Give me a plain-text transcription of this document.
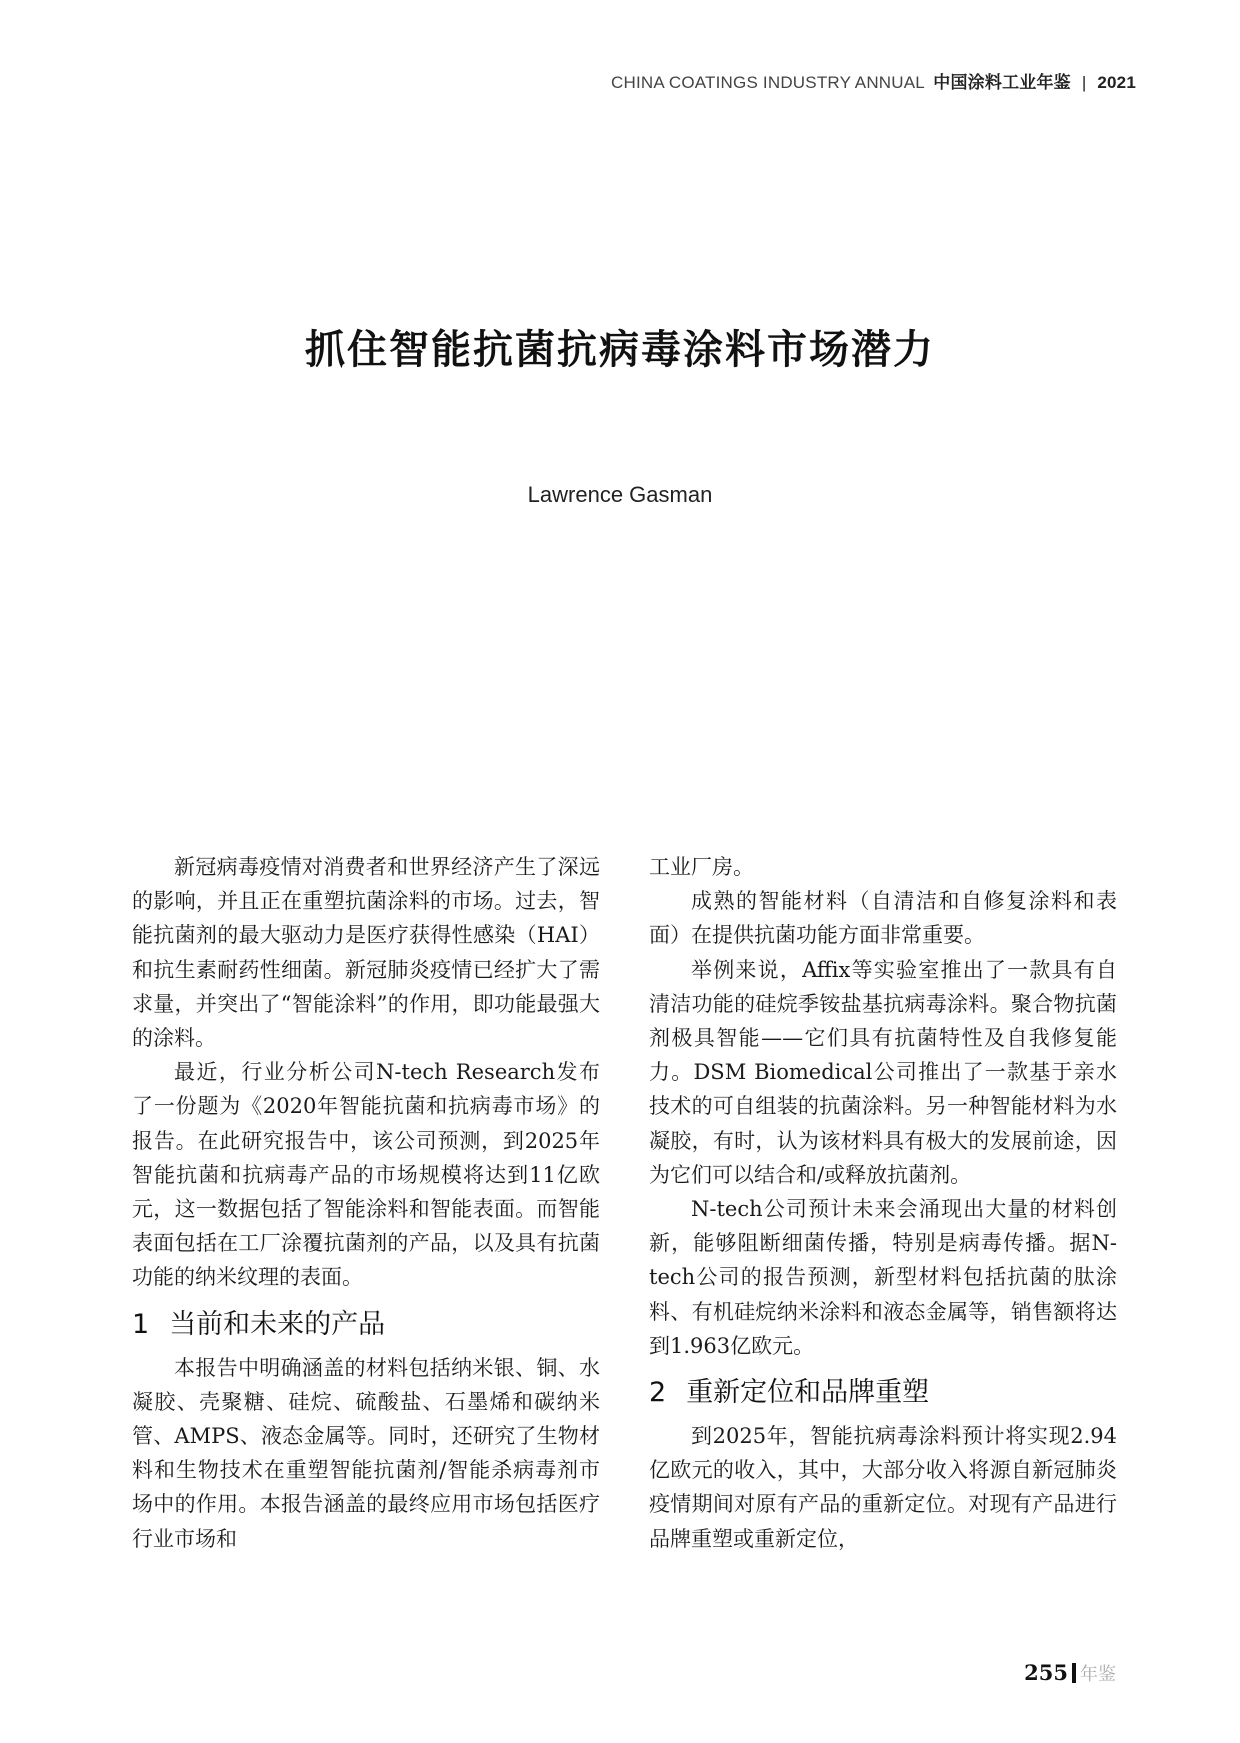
CHINA COATINGS INDUSTRY ANNUAL 中国涂料工业年鉴 | 2021
抓住智能抗菌抗病毒涂料市场潜力
Lawrence Gasman

新冠病毒疫情对消费者和世界经济产生了深远的影响，并且正在重塑抗菌涂料的市场。过去，智能抗菌剂的最大驱动力是医疗获得性感染（HAI）和抗生素耐药性细菌。新冠肺炎疫情已经扩大了需求量，并突出了“智能涂料”的作用，即功能最强大的涂料。

最近，行业分析公司N-tech Research发布了一份题为《2020年智能抗菌和抗病毒市场》的报告。在此研究报告中，该公司预测，到2025年智能抗菌和抗病毒产品的市场规模将达到11亿欧元，这一数据包括了智能涂料和智能表面。而智能表面包括在工厂涂覆抗菌剂的产品，以及具有抗菌功能的纳米纹理的表面。

1 当前和未来的产品

本报告中明确涵盖的材料包括纳米银、铜、水凝胶、壳聚糖、硅烷、硫酸盐、石墨烯和碳纳米管、AMPS、液态金属等。同时，还研究了生物材料和生物技术在重塑智能抗菌剂/智能杀病毒剂市场中的作用。本报告涵盖的最终应用市场包括医疗行业市场和

工业厂房。

成熟的智能材料（自清洁和自修复涂料和表面）在提供抗菌功能方面非常重要。

举例来说，Affix等实验室推出了一款具有自清洁功能的硅烷季铵盐基抗病毒涂料。聚合物抗菌剂极具智能——它们具有抗菌特性及自我修复能力。DSM Biomedical公司推出了一款基于亲水技术的可自组装的抗菌涂料。另一种智能材料为水凝胶，有时，认为该材料具有极大的发展前途，因为它们可以结合和/或释放抗菌剂。

N-tech公司预计未来会涌现出大量的材料创新，能够阻断细菌传播，特别是病毒传播。据N-tech公司的报告预测，新型材料包括抗菌的肽涂料、有机硅烷纳米涂料和液态金属等，销售额将达到1.963亿欧元。

2 重新定位和品牌重塑

到2025年，智能抗病毒涂料预计将实现2.94亿欧元的收入，其中，大部分收入将源自新冠肺炎疫情期间对原有产品的重新定位。对现有产品进行品牌重塑或重新定位，

255 年鉴
